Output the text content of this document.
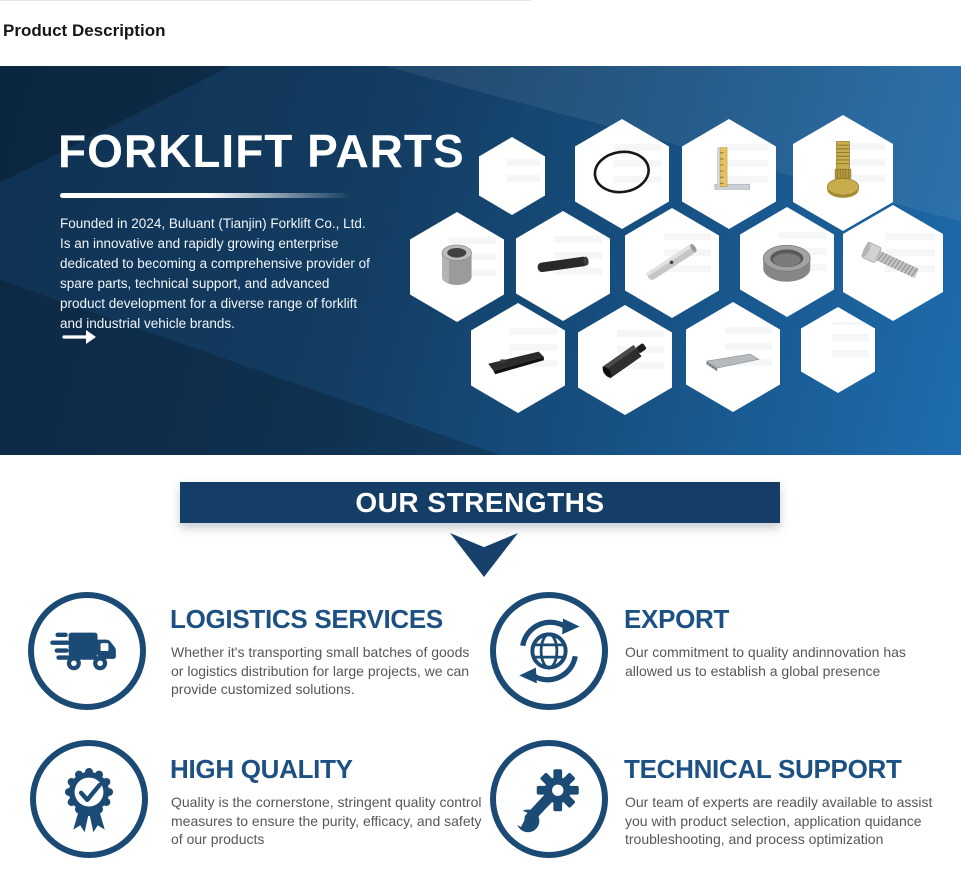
Product Description
FORKLIFT PARTS
Founded in 2024, Buluant (Tianjin) Forklift Co., Ltd. Is an innovative and rapidly growing enterprise dedicated to becoming a comprehensive provider of spare parts, technical support, and advanced product development for a diverse range of forklift and industrial vehicle brands.
OUR STRENGTHS
LOGISTICS SERVICES
Whether it's transporting small batches of goods or logistics distribution for large projects, we can provide customized solutions.
EXPORT
Our commitment to quality andinnovation has allowed us to establish a global presence
HIGH QUALITY
Quality is the cornerstone, stringent quality control measures to ensure the purity, efficacy, and safety of our products
TECHNICAL SUPPORT
Our team of experts are readily available to assist you with product selection, application quidance troubleshooting, and process optimization
